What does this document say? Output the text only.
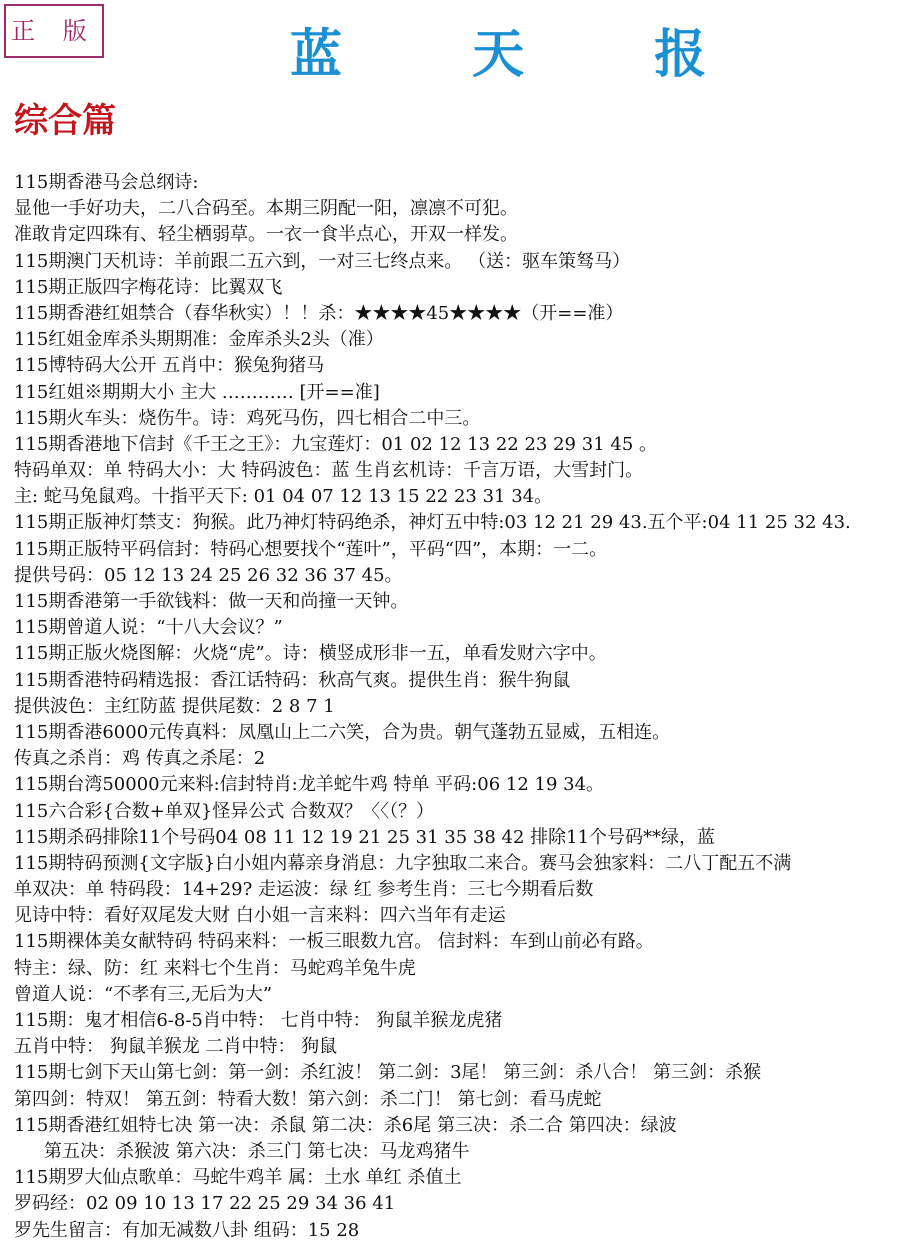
正 版	蓝 天 报
综合篇
115期香港马会总纲诗:
显他一手好功夫，二八合码至。本期三阴配一阳，凛凛不可犯。
准敢肯定四珠有、轻尘栖弱草。一衣一食半点心，开双一样发。
115期澳门天机诗：羊前跟二五六到，一对三七终点来。 （送：驱车策驽马）
115期正版四字梅花诗：比翼双飞
115期香港红姐禁合（春华秋实）！！杀：★★★★45★★★★（开==准）
115红姐金库杀头期期准：金库杀头2头（准）
115博特码大公开 五肖中：猴兔狗猪马
115红姐※期期大小 主大 ………… [开==准]
115期火车头：烧伤牛。诗：鸡死马伤，四七相合二中三。
115期香港地下信封《千王之王》：九宝莲灯：01 02 12 13 22 23 29 31 45 。
特码单双：单 特码大小：大 特码波色：蓝 生肖玄机诗：千言万语，大雪封门。
主: 蛇马兔鼠鸡。十指平天下: 01 04 07 12 13 15 22 23 31 34。
115期正版神灯禁支：狗猴。此乃神灯特码绝杀，神灯五中特:03 12 21 29 43.五个平:04 11 25 32 43.
115期正版特平码信封：特码心想要找个“莲叶”，平码“四”，本期：一二。
提供号码：05 12 13 24 25 26 32 36 37 45。
115期香港第一手欲钱料：做一天和尚撞一天钟。
115期曾道人说：“十八大会议？”
115期正版火烧图解：火烧“虎”。诗：横竖成形非一五，单看发财六字中。
115期香港特码精选报：香江话特码：秋高气爽。提供生肖：猴牛狗鼠
提供波色：主红防蓝 提供尾数：2 8 7 1
115期香港6000元传真料：凤凰山上二六笑，合为贵。朝气蓬勃五显威，五相连。
传真之杀肖：鸡 传真之杀尾：2
115期台湾50000元来料:信封特肖:龙羊蛇牛鸡 特单 平码:06 12 19 34。
115六合彩{合数+单双}怪异公式 合数双？〈〈（？）
115期杀码排除11个号码04 08 11 12 19 21 25 31 35 38 42 排除11个号码**绿，蓝
115期特码预测{文字版}白小姐内幕亲身消息：九字独取二来合。赛马会独家料：二八丁配五不满
单双决：单 特码段：14+29? 走运波：绿 红 参考生肖：三七今期看后数
见诗中特：看好双尾发大财 白小姐一言来料：四六当年有走运
115期裸体美女献特码 特码来料：一板三眼数九宫。 信封料：车到山前必有路。
特主：绿、防：红 来料七个生肖：马蛇鸡羊兔牛虎
曾道人说：“不孝有三,无后为大”
115期：鬼才相信6-8-5肖中特： 七肖中特： 狗鼠羊猴龙虎猪
五肖中特： 狗鼠羊猴龙 二肖中特： 狗鼠
115期七剑下天山第七剑：第一剑：杀红波！ 第二剑：3尾！ 第三剑：杀八合！ 第三剑：杀猴
第四剑：特双！ 第五剑：特看大数！第六剑：杀二门！ 第七剑：看马虎蛇
115期香港红姐特七决 第一决：杀鼠 第二决：杀6尾 第三决：杀二合 第四决：绿波
第五决：杀猴波 第六决：杀三门 第七决：马龙鸡猪牛
115期罗大仙点歌单：马蛇牛鸡羊 属：土水 单红 杀值土
罗码经：02 09 10 13 17 22 25 29 34 36 41
罗先生留言：有加无减数八卦 组码：15 28
